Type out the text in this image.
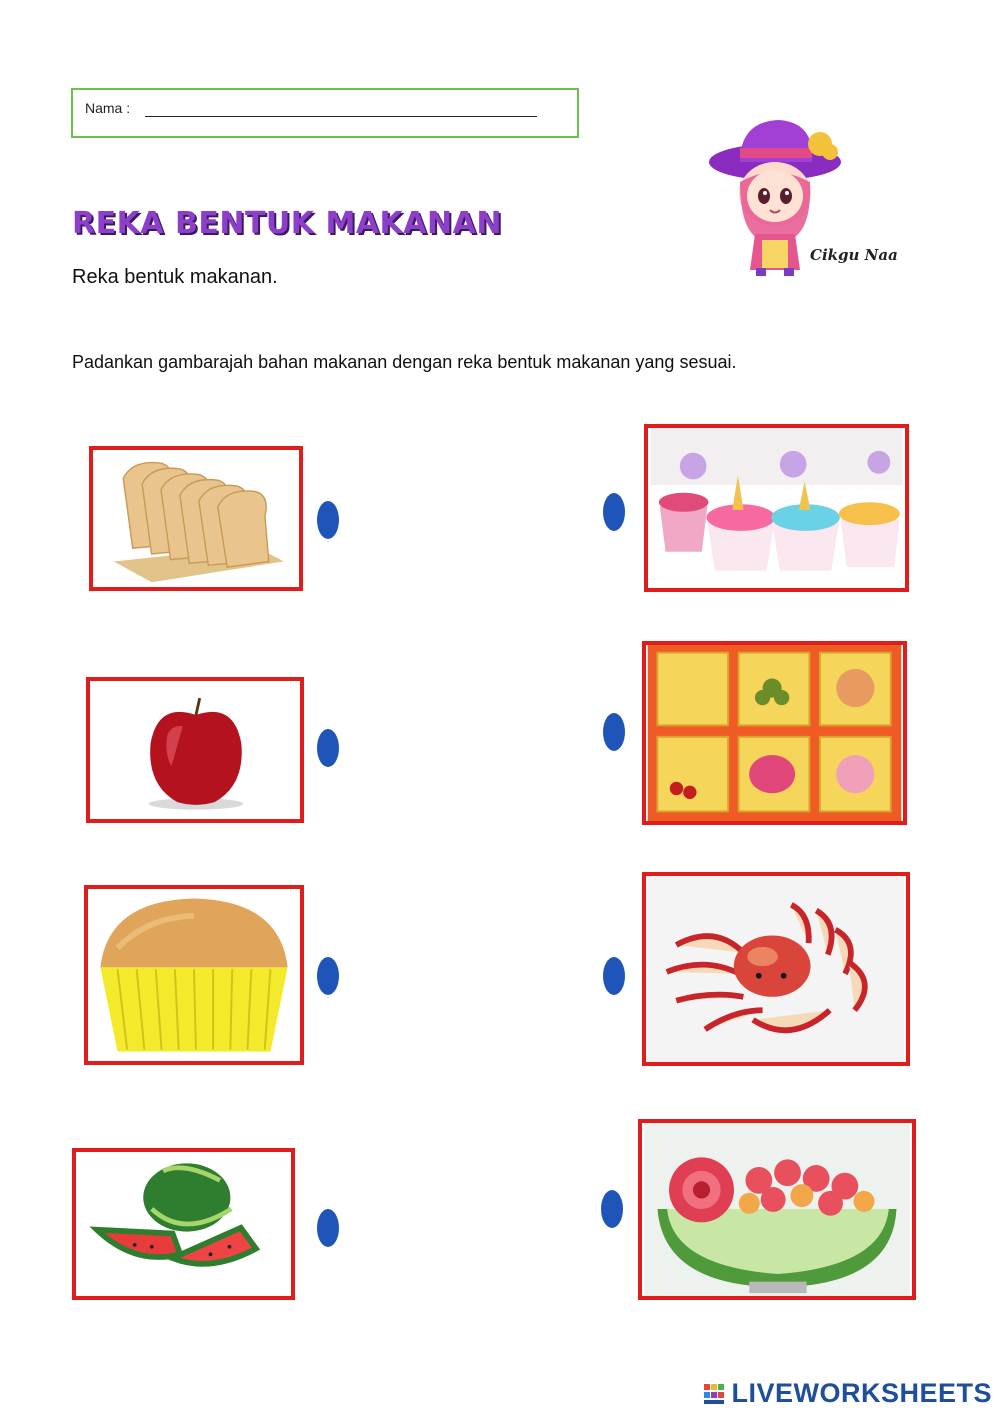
Nama :
REKA BENTUK MAKANAN

Reka bentuk makanan.

Padankan gambarajah bahan makanan dengan reka bentuk makanan yang sesuai.

Cikgu Naa
LIVEWORKSHEETS
